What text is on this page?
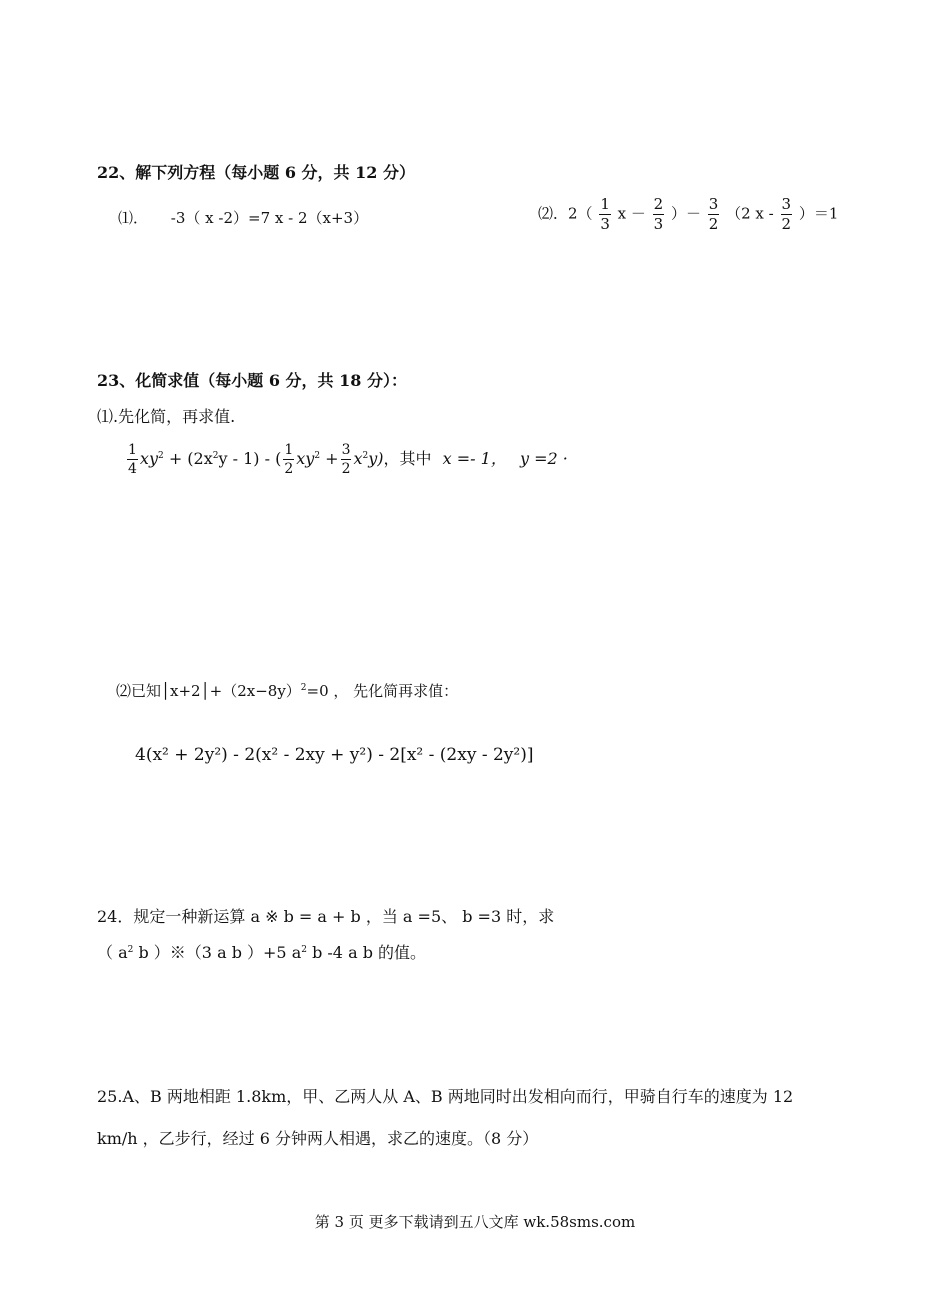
22、解下列方程（每小题 6 分，共 12 分）
⑴． -3（ x -2）=7 x - 2（x+3）	⑵．$2( \frac{1}{3}$ $x - \frac{2}{3}$ ）－ $\frac{3}{2} (2$ $x - \frac{3}{2} )=1$
23、化简求值（每小题 6 分，共 18 分）：
⑴.先化简，再求值.
$\frac{1}{4} xy^2 + (2x^2y - 1)$ - ( $\frac{1}{2} xy^2 + \frac{3}{2} x^2y$)，其中 x =- 1， y =2 ·
⑵已知$│x+2│+(2x-8y)^2=0$ ， 先化简再求值：
4(x² + 2y²) - 2(x² - 2xy + y²) - 2[x² - (2xy - 2y²)]
24．规定一种新运算 a ※ b = a + b ，当 a =5、 b =3 时，求
（ $a^2$ b ）※（3 a b ）+5 $a^2$ b -4 a b 的值。
25.A、B 两地相距 1.8km，甲、乙两人从 A、B 两地同时出发相向而行，甲骑自行车的速度为 12
km/h ，乙步行，经过 6 分钟两人相遇，求乙的速度。（8 分）
第 3 页 更多下载请到五八文库 wk.58sms.com
